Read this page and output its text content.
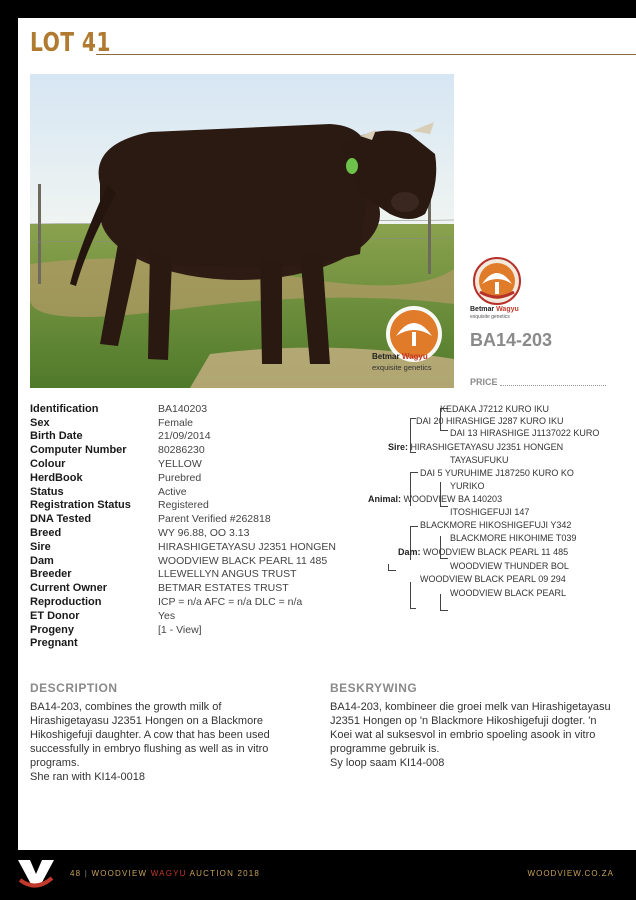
LOT 41
Betmar Wagyu
exquisite genetics
Betmar Wagyu
exquisite genetics
BA14-203
PRICE
Identification	BA140203
Sex	Female
Birth Date	21/09/2014
Computer Number	80286230
Colour	YELLOW
HerdBook	Purebred
Status	Active
Registration Status	Registered
DNA Tested	Parent Verified #262818
Breed	WY 96.88, OO 3.13
Sire	HIRASHIGETAYASU J2351 HONGEN
Dam	WOODVIEW BLACK PEARL 11 485
Breeder	LLEWELLYN ANGUS TRUST
Current Owner	BETMAR ESTATES TRUST
Reproduction	ICP = n/a AFC = n/a DLC = n/a
ET Donor	Yes
Progeny	[1 - View]
Pregnant
KEDAKA J7212 KURO IKU
DAI 20 HIRASHIGE J287 KURO IKU
DAI 13 HIRASHIGE J1137022 KURO
Sire: HIRASHIGETAYASU J2351 HONGEN
TAYASUFUKU
DAI 5 YURUHIME J187250 KURO KO
YURIKO
Animal: WOODVIEW BA 140203
ITOSHIGEFUJI 147
BLACKMORE HIKOSHIGEFUJI Y342
BLACKMORE HIKOHIME T039
Dam: WOODVIEW BLACK PEARL 11 485
WOODVIEW THUNDER BOL
WOODVIEW BLACK PEARL 09 294
WOODVIEW BLACK PEARL
DESCRIPTION

BA14-203, combines the growth milk of Hirashigetayasu J2351 Hongen on a Blackmore Hikoshigefuji daughter. A cow that has been used successfully in embryo flushing as well as in vitro programs.

She ran with KI14-0018

BESKRYWING

BA14-203, kombineer die groei melk van Hirashigetayasu J2351 Hongen op 'n Blackmore Hikoshigefuji dogter. 'n Koei wat al suksesvol in embrio spoeling asook in vitro programme gebruik is.

Sy loop saam KI14-008

48 | WOODVIEW WAGYU AUCTION 2018	WOODVIEW.CO.ZA
